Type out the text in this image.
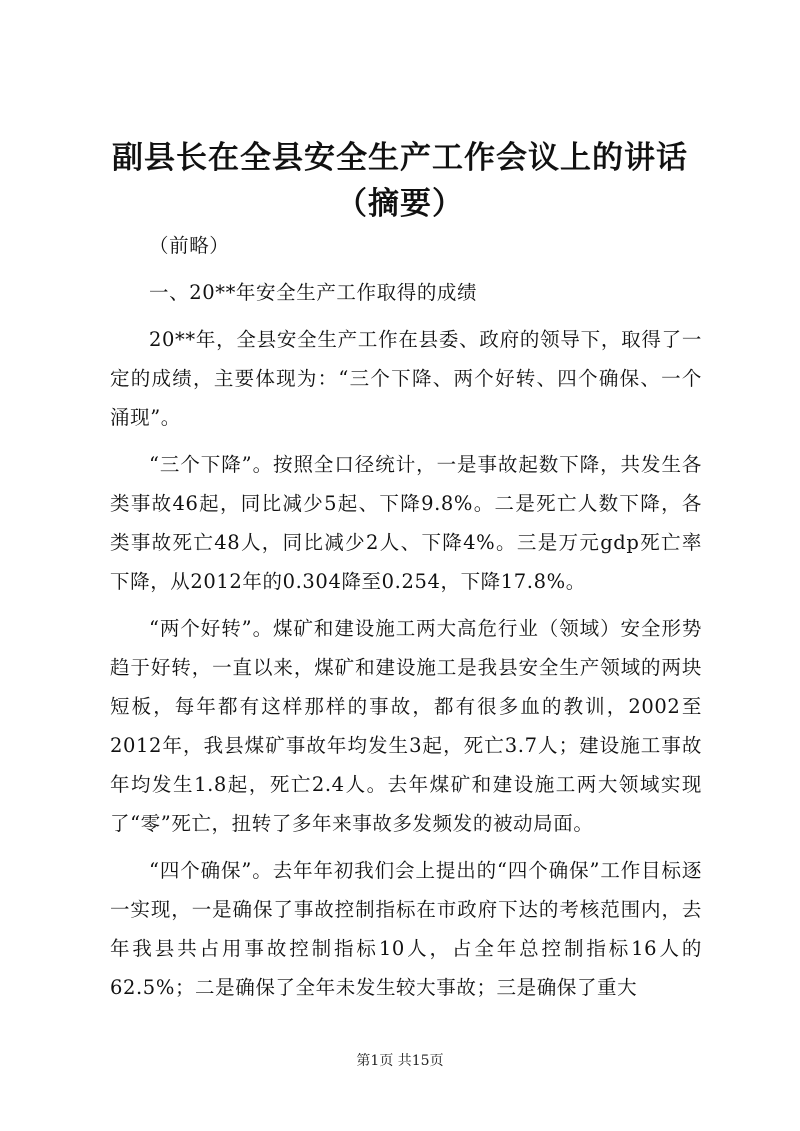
副县长在全县安全生产工作会议上的讲话（摘要）

（前略）

一、20**年安全生产工作取得的成绩

20**年，全县安全生产工作在县委、政府的领导下，取得了一定的成绩，主要体现为：“三个下降、两个好转、四个确保、一个涌现”。

“三个下降”。按照全口径统计，一是事故起数下降，共发生各类事故46起，同比减少5起、下降9.8%。二是死亡人数下降，各类事故死亡48人，同比减少2人、下降4%。三是万元gdp死亡率下降，从2012年的0.304降至0.254，下降17.8%。

“两个好转”。煤矿和建设施工两大高危行业（领域）安全形势趋于好转，一直以来，煤矿和建设施工是我县安全生产领域的两块短板，每年都有这样那样的事故，都有很多血的教训，2002至2012年，我县煤矿事故年均发生3起，死亡3.7人；建设施工事故年均发生1.8起，死亡2.4人。去年煤矿和建设施工两大领域实现了“零”死亡，扭转了多年来事故多发频发的被动局面。

“四个确保”。去年年初我们会上提出的“四个确保”工作目标逐一实现，一是确保了事故控制指标在市政府下达的考核范围内，去年我县共占用事故控制指标10人，占全年总控制指标16人的62.5%；二是确保了全年未发生较大事故；三是确保了重大

第1页 共15页
